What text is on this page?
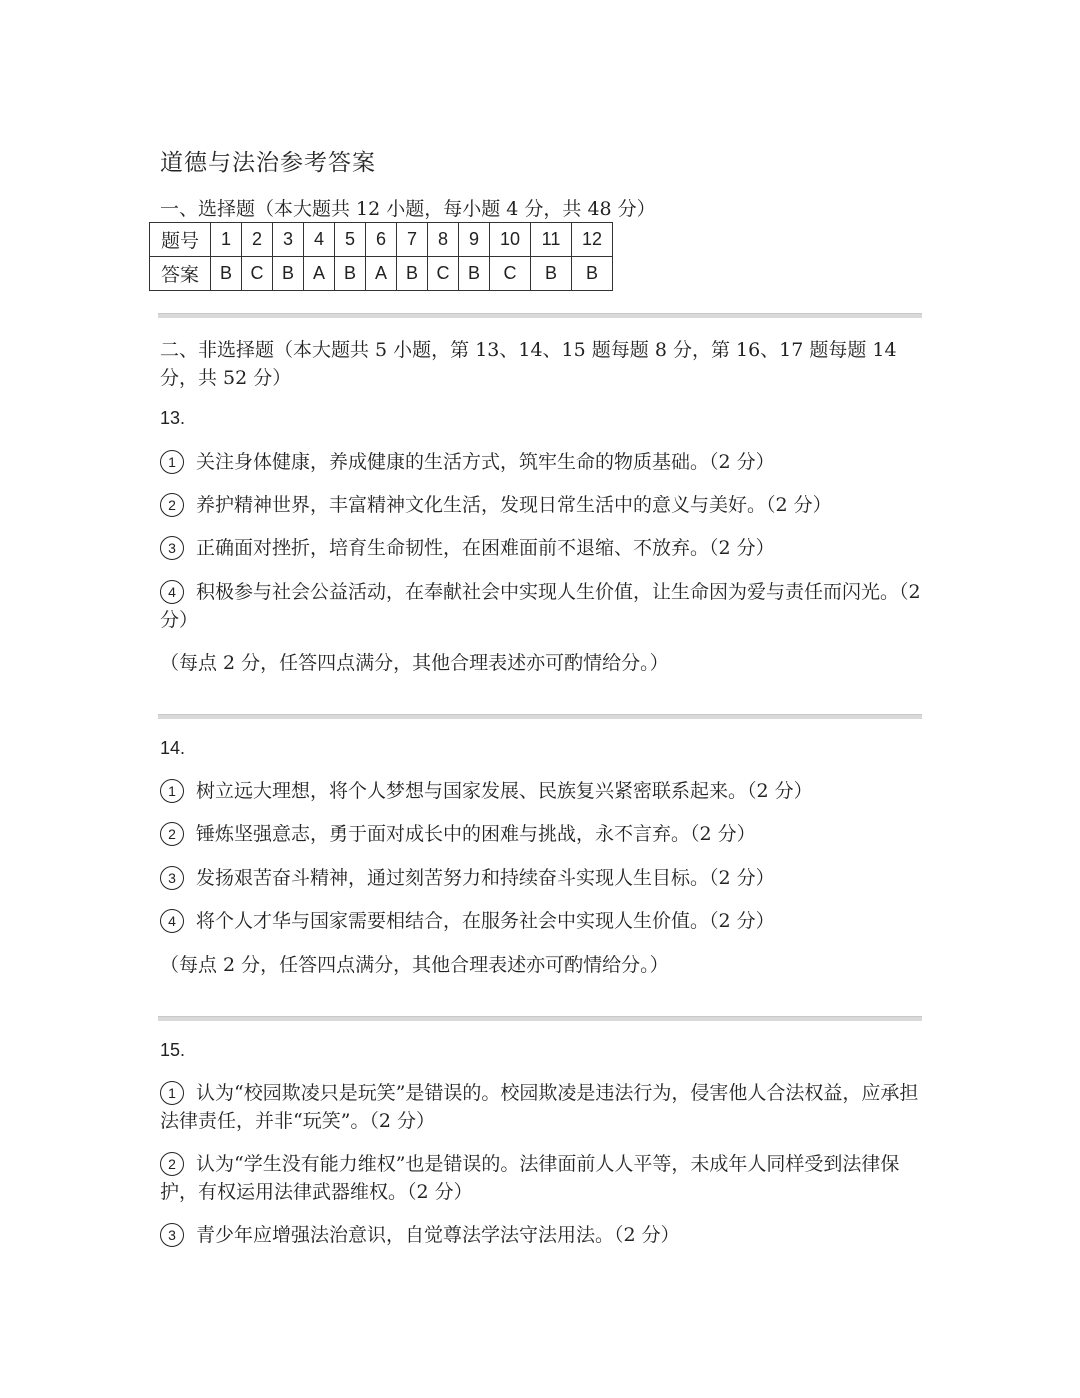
道德与法治参考答案
一、选择题（本大题共 12 小题，每小题 4 分，共 48 分）
题号	1	2	3	4	5	6	7	8	9	10	11	12
答案	B	C	B	A	B	A	B	C	B	C	B	B
二、非选择题（本大题共 5 小题，第 13、14、15 题每题 8 分，第 16、17 题每题 14 分，共 52 分）
13.
1 关注身体健康，养成健康的生活方式，筑牢生命的物质基础。（2 分）
2 养护精神世界，丰富精神文化生活，发现日常生活中的意义与美好。（2 分）
3 正确面对挫折，培育生命韧性，在困难面前不退缩、不放弃。（2 分）
4 积极参与社会公益活动，在奉献社会中实现人生价值，让生命因为爱与责任而闪光。（2 分）
（每点 2 分，任答四点满分，其他合理表述亦可酌情给分。）
14.
1 树立远大理想，将个人梦想与国家发展、民族复兴紧密联系起来。（2 分）
2 锤炼坚强意志，勇于面对成长中的困难与挑战，永不言弃。（2 分）
3 发扬艰苦奋斗精神，通过刻苦努力和持续奋斗实现人生目标。（2 分）
4 将个人才华与国家需要相结合，在服务社会中实现人生价值。（2 分）
（每点 2 分，任答四点满分，其他合理表述亦可酌情给分。）
15.
1 认为“校园欺凌只是玩笑”是错误的。校园欺凌是违法行为，侵害他人合法权益，应承担法律责任，并非“玩笑”。（2 分）
2 认为“学生没有能力维权”也是错误的。法律面前人人平等，未成年人同样受到法律保护，有权运用法律武器维权。（2 分）
3 青少年应增强法治意识，自觉尊法学法守法用法。（2 分）
